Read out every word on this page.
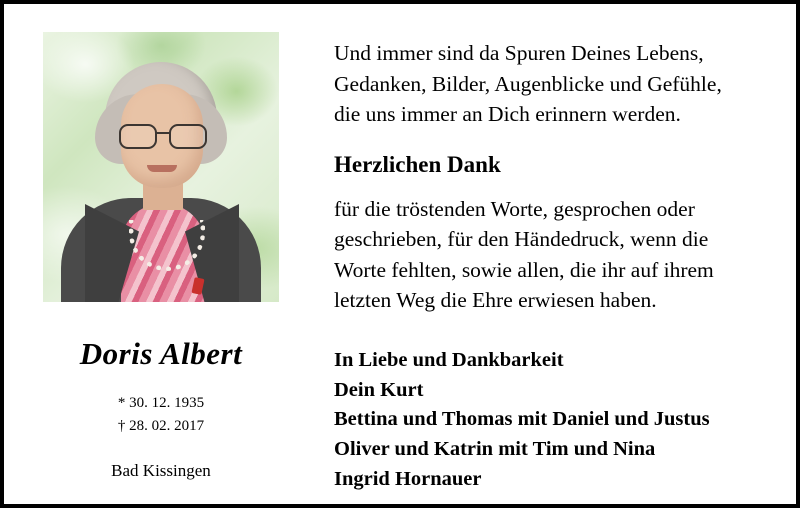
Doris Albert
* 30. 12. 1935
† 28. 02. 2017
Bad Kissingen
Und immer sind da Spuren Deines Lebens,
Gedanken, Bilder, Augenblicke und Gefühle,
die uns immer an Dich erinnern werden.
Herzlichen Dank
für die tröstenden Worte, gesprochen oder
geschrieben, für den Händedruck, wenn die
Worte fehlten, sowie allen, die ihr auf ihrem
letzten Weg die Ehre erwiesen haben.
In Liebe und Dankbarkeit
Dein Kurt
Bettina und Thomas mit Daniel und Justus
Oliver und Katrin mit Tim und Nina
Ingrid Hornauer
